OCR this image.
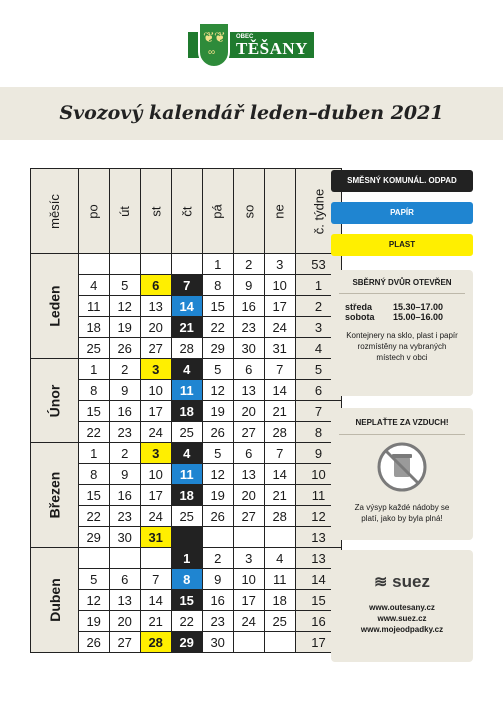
❦ ❦
∞
OBEC
TĚŠANY
Svozový kalendář leden–duben 2021
měsíc	po	út	st	čt	pá	so	ne	č. týdne
Leden					1	2	3	53
	4	5	6	7	8	9	10	1
	11	12	13	14	15	16	17	2
	18	19	20	21	22	23	24	3
	25	26	27	28	29	30	31	4
Únor	1	2	3	4	5	6	7	5
	8	9	10	11	12	13	14	6
	15	16	17	18	19	20	21	7
	22	23	24	25	26	27	28	8
Březen	1	2	3	4	5	6	7	9
	8	9	10	11	12	13	14	10
	15	16	17	18	19	20	21	11
	22	23	24	25	26	27	28	12
	29	30	31					13
Duben				1	2	3	4	13
	5	6	7	8	9	10	11	14
	12	13	14	15	16	17	18	15
	19	20	21	22	23	24	25	16
	26	27	28	29	30			17
SMĚSNÝ KOMUNÁL. ODPAD
PAPÍR
PLAST
SBĚRNÝ DVŮR OTEVŘEN
středa 15.30–17.00
sobota 15.00–16.00
Kontejnery na sklo, plast i papír rozmístěny na vybraných místech v obci
NEPLAŤTE ZA VZDUCH!
Za výsyp každé nádoby se platí, jako by byla plná!
≋ suez
www.outesany.cz
www.suez.cz
www.mojeodpadky.cz
